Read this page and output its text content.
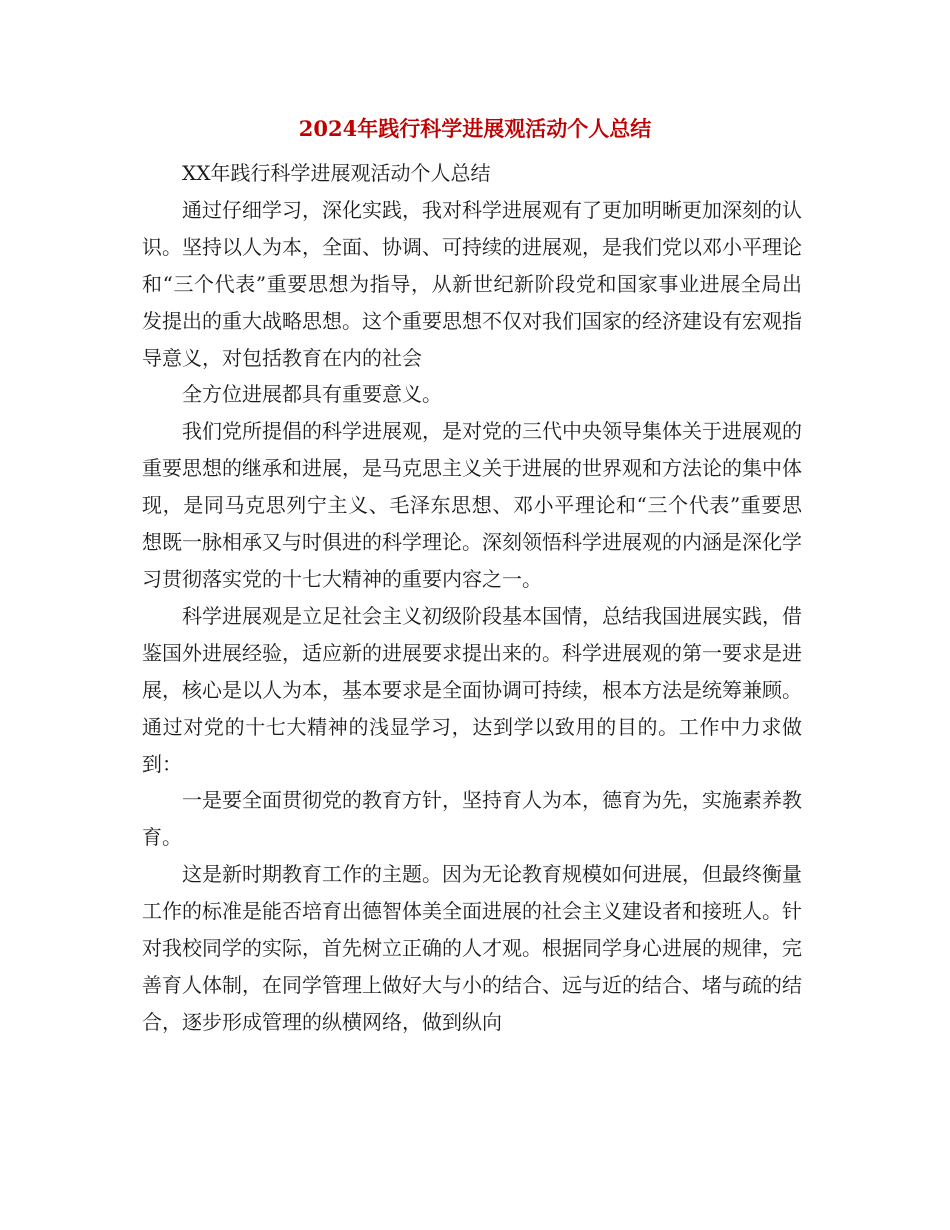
2024年践行科学进展观活动个人总结

XX年践行科学进展观活动个人总结

通过仔细学习，深化实践，我对科学进展观有了更加明晰更加深刻的认识。坚持以人为本，全面、协调、可持续的进展观，是我们党以邓小平理论和“三个代表”重要思想为指导，从新世纪新阶段党和国家事业进展全局出发提出的重大战略思想。这个重要思想不仅对我们国家的经济建设有宏观指导意义，对包括教育在内的社会

全方位进展都具有重要意义。

我们党所提倡的科学进展观，是对党的三代中央领导集体关于进展观的重要思想的继承和进展，是马克思主义关于进展的世界观和方法论的集中体现，是同马克思列宁主义、毛泽东思想、邓小平理论和“三个代表”重要思想既一脉相承又与时俱进的科学理论。深刻领悟科学进展观的内涵是深化学习贯彻落实党的十七大精神的重要内容之一。

科学进展观是立足社会主义初级阶段基本国情，总结我国进展实践，借鉴国外进展经验，适应新的进展要求提出来的。科学进展观的第一要求是进展，核心是以人为本，基本要求是全面协调可持续，根本方法是统筹兼顾。通过对党的十七大精神的浅显学习，达到学以致用的目的。工作中力求做到：

一是要全面贯彻党的教育方针，坚持育人为本，德育为先，实施素养教育。

这是新时期教育工作的主题。因为无论教育规模如何进展，但最终衡量工作的标准是能否培育出德智体美全面进展的社会主义建设者和接班人。针对我校同学的实际，首先树立正确的人才观。根据同学身心进展的规律，完善育人体制，在同学管理上做好大与小的结合、远与近的结合、堵与疏的结合，逐步形成管理的纵横网络，做到纵向
